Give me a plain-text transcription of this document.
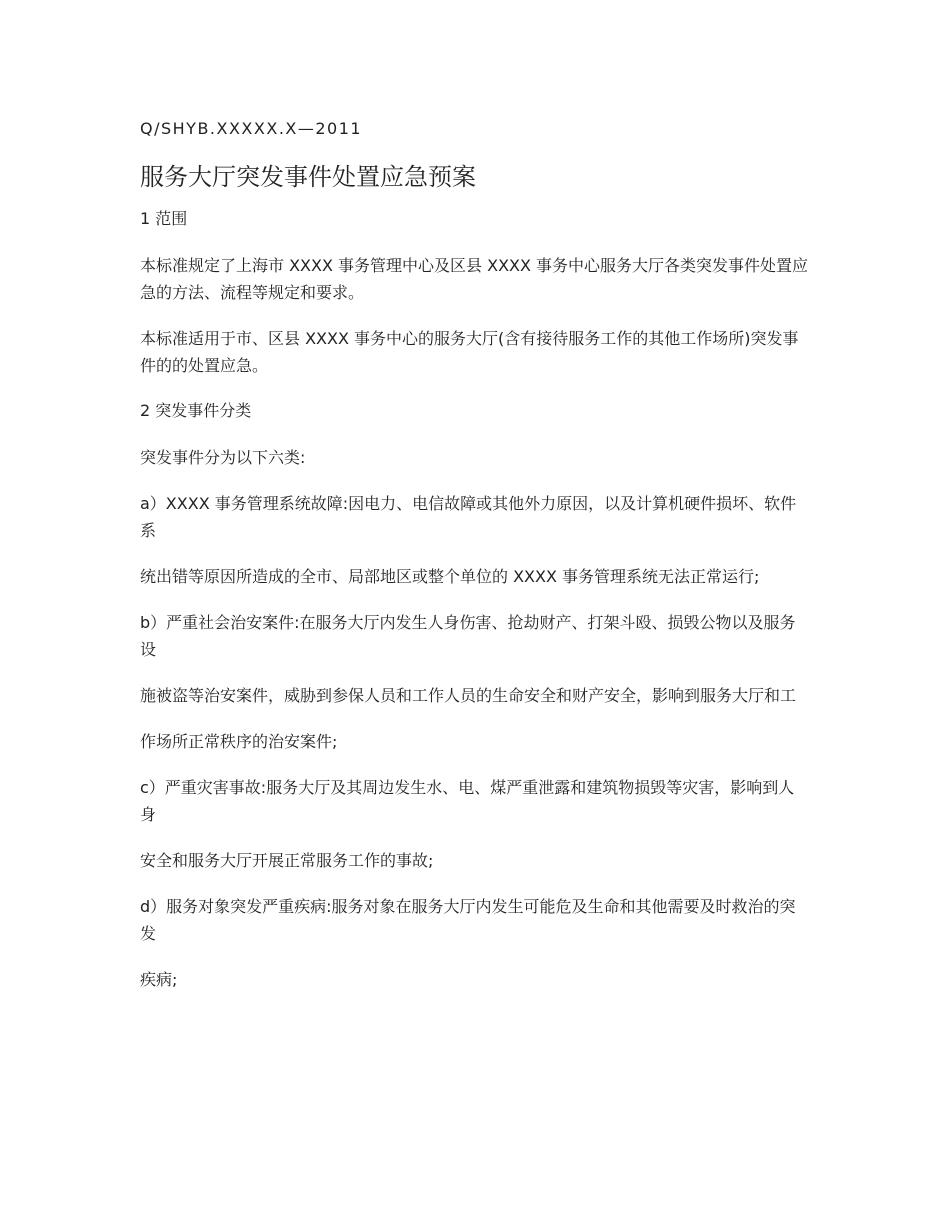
Q/SHYB.XXXXX.X—2011
服务大厅突发事件处置应急预案
1 范围

本标准规定了上海市 XXXX 事务管理中心及区县 XXXX 事务中心服务大厅各类突发事件处置应急的方法、流程等规定和要求。

本标准适用于市、区县 XXXX 事务中心的服务大厅(含有接待服务工作的其他工作场所)突发事件的的处置应急。

2 突发事件分类

突发事件分为以下六类:

a）XXXX 事务管理系统故障:因电力、电信故障或其他外力原因，以及计算机硬件损坏、软件系

统出错等原因所造成的全市、局部地区或整个单位的 XXXX 事务管理系统无法正常运行;

b）严重社会治安案件:在服务大厅内发生人身伤害、抢劫财产、打架斗殴、损毁公物以及服务设

施被盗等治安案件，威胁到参保人员和工作人员的生命安全和财产安全，影响到服务大厅和工

作场所正常秩序的治安案件;

c）严重灾害事故:服务大厅及其周边发生水、电、煤严重泄露和建筑物损毁等灾害，影响到人身

安全和服务大厅开展正常服务工作的事故;

d）服务对象突发严重疾病:服务对象在服务大厅内发生可能危及生命和其他需要及时救治的突发

疾病;
